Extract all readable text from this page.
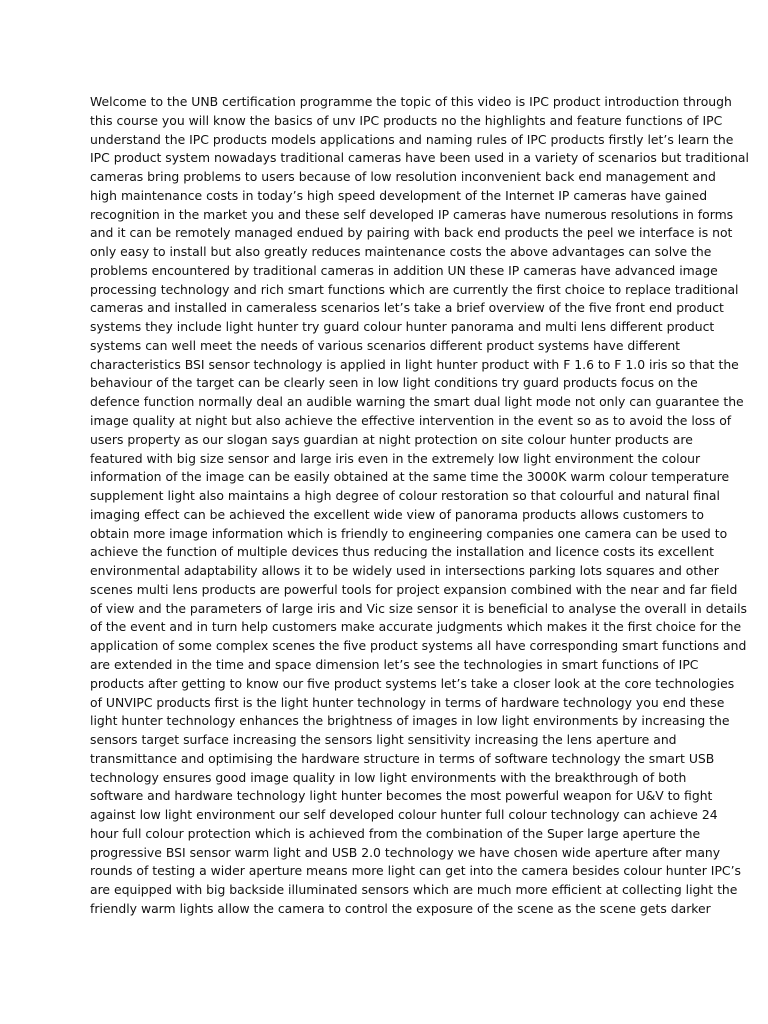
Welcome to the UNB certification programme the topic of this video is IPC product introduction through
this course you will know the basics of unv IPC products no the highlights and feature functions of IPC
understand the IPC products models applications and naming rules of IPC products firstly let’s learn the
IPC product system nowadays traditional cameras have been used in a variety of scenarios but traditional
cameras bring problems to users because of low resolution inconvenient back end management and
high maintenance costs in today’s high speed development of the Internet IP cameras have gained
recognition in the market you and these self developed IP cameras have numerous resolutions in forms
and it can be remotely managed endued by pairing with back end products the peel we interface is not
only easy to install but also greatly reduces maintenance costs the above advantages can solve the
problems encountered by traditional cameras in addition UN these IP cameras have advanced image
processing technology and rich smart functions which are currently the first choice to replace traditional
cameras and installed in cameraless scenarios let’s take a brief overview of the five front end product
systems they include light hunter try guard colour hunter panorama and multi lens different product
systems can well meet the needs of various scenarios different product systems have different
characteristics BSI sensor technology is applied in light hunter product with F 1.6 to F 1.0 iris so that the
behaviour of the target can be clearly seen in low light conditions try guard products focus on the
defence function normally deal an audible warning the smart dual light mode not only can guarantee the
image quality at night but also achieve the effective intervention in the event so as to avoid the loss of
users property as our slogan says guardian at night protection on site colour hunter products are
featured with big size sensor and large iris even in the extremely low light environment the colour
information of the image can be easily obtained at the same time the 3000K warm colour temperature
supplement light also maintains a high degree of colour restoration so that colourful and natural final
imaging effect can be achieved the excellent wide view of panorama products allows customers to
obtain more image information which is friendly to engineering companies one camera can be used to
achieve the function of multiple devices thus reducing the installation and licence costs its excellent
environmental adaptability allows it to be widely used in intersections parking lots squares and other
scenes multi lens products are powerful tools for project expansion combined with the near and far field
of view and the parameters of large iris and Vic size sensor it is beneficial to analyse the overall in details
of the event and in turn help customers make accurate judgments which makes it the first choice for the
application of some complex scenes the five product systems all have corresponding smart functions and
are extended in the time and space dimension let’s see the technologies in smart functions of IPC
products after getting to know our five product systems let’s take a closer look at the core technologies
of UNVIPC products first is the light hunter technology in terms of hardware technology you end these
light hunter technology enhances the brightness of images in low light environments by increasing the
sensors target surface increasing the sensors light sensitivity increasing the lens aperture and
transmittance and optimising the hardware structure in terms of software technology the smart USB
technology ensures good image quality in low light environments with the breakthrough of both
software and hardware technology light hunter becomes the most powerful weapon for U&V to fight
against low light environment our self developed colour hunter full colour technology can achieve 24
hour full colour protection which is achieved from the combination of the Super large aperture the
progressive BSI sensor warm light and USB 2.0 technology we have chosen wide aperture after many
rounds of testing a wider aperture means more light can get into the camera besides colour hunter IPC’s
are equipped with big backside illuminated sensors which are much more efficient at collecting light the
friendly warm lights allow the camera to control the exposure of the scene as the scene gets darker
